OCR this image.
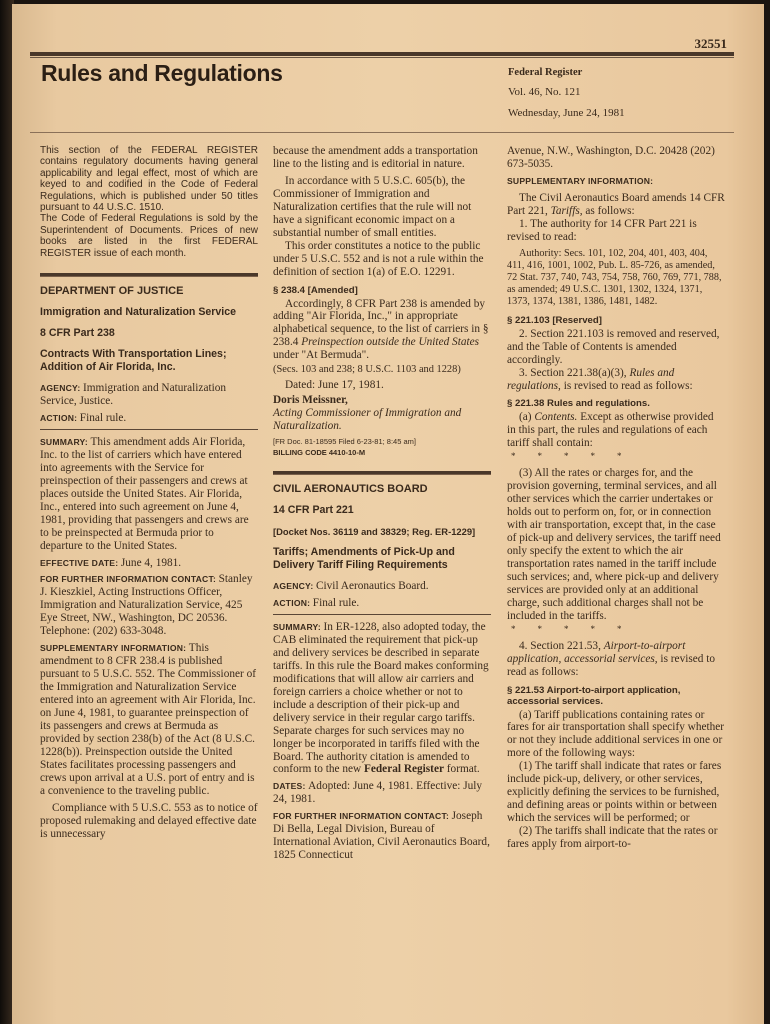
32551
Rules and Regulations	Federal Register
Vol. 46, No. 121
Wednesday, June 24, 1981
This section of the FEDERAL REGISTER contains regulatory documents having general applicability and legal effect, most of which are keyed to and codified in the Code of Federal Regulations, which is published under 50 titles pursuant to 44 U.S.C. 1510.
The Code of Federal Regulations is sold by the Superintendent of Documents. Prices of new books are listed in the first FEDERAL REGISTER issue of each month.
DEPARTMENT OF JUSTICE
Immigration and Naturalization Service
8 CFR Part 238
Contracts With Transportation Lines; Addition of Air Florida, Inc.
AGENCY: Immigration and Naturalization Service, Justice.
ACTION: Final rule.
SUMMARY: This amendment adds Air Florida, Inc. to the list of carriers which have entered into agreements with the Service for preinspection of their passengers and crews at places outside the United States. Air Florida, Inc., entered into such agreement on June 4, 1981, providing that passengers and crews are to be preinspected at Bermuda prior to departure to the United States.
EFFECTIVE DATE: June 4, 1981.
FOR FURTHER INFORMATION CONTACT: Stanley J. Kieszkiel, Acting Instructions Officer, Immigration and Naturalization Service, 425 Eye Street, NW., Washington, DC 20536. Telephone: (202) 633-3048.
SUPPLEMENTARY INFORMATION: This amendment to 8 CFR 238.4 is published pursuant to 5 U.S.C. 552. The Commissioner of the Immigration and Naturalization Service entered into an agreement with Air Florida, Inc. on June 4, 1981, to guarantee preinspection of its passengers and crews at Bermuda as provided by section 238(b) of the Act (8 U.S.C. 1228(b)). Preinspection outside the United States facilitates processing passengers and crews upon arrival at a U.S. port of entry and is a convenience to the traveling public.
Compliance with 5 U.S.C. 553 as to notice of proposed rulemaking and delayed effective date is unnecessary
because the amendment adds a transportation line to the listing and is editorial in nature.
In accordance with 5 U.S.C. 605(b), the Commissioner of Immigration and Naturalization certifies that the rule will not have a significant economic impact on a substantial number of small entities.
This order constitutes a notice to the public under 5 U.S.C. 552 and is not a rule within the definition of section 1(a) of E.O. 12291.
§ 238.4 [Amended]
Accordingly, 8 CFR Part 238 is amended by adding "Air Florida, Inc.," in appropriate alphabetical sequence, to the list of carriers in § 238.4 Preinspection outside the United States under "At Bermuda".
(Secs. 103 and 238; 8 U.S.C. 1103 and 1228)
Dated: June 17, 1981.
Doris Meissner,
Acting Commissioner of Immigration and Naturalization.
[FR Doc. 81-18595 Filed 6-23-81; 8:45 am]
BILLING CODE 4410-10-M
CIVIL AERONAUTICS BOARD
14 CFR Part 221
[Docket Nos. 36119 and 38329; Reg. ER-1229]
Tariffs; Amendments of Pick-Up and Delivery Tariff Filing Requirements
AGENCY: Civil Aeronautics Board.
ACTION: Final rule.
SUMMARY: In ER-1228, also adopted today, the CAB eliminated the requirement that pick-up and delivery services be described in separate tariffs. In this rule the Board makes conforming modifications that will allow air carriers and foreign carriers a choice whether or not to include a description of their pick-up and delivery service in their regular cargo tariffs. Separate charges for such services may no longer be incorporated in tariffs filed with the Board. The authority citation is amended to conform to the new Federal Register format.
DATES: Adopted: June 4, 1981. Effective: July 24, 1981.
FOR FURTHER INFORMATION CONTACT: Joseph Di Bella, Legal Division, Bureau of International Aviation, Civil Aeronautics Board, 1825 Connecticut
Avenue, N.W., Washington, D.C. 20428 (202) 673-5035.
SUPPLEMENTARY INFORMATION:
The Civil Aeronautics Board amends 14 CFR Part 221, Tariffs, as follows:
1. The authority for 14 CFR Part 221 is revised to read:
Authority: Secs. 101, 102, 204, 401, 403, 404, 411, 416, 1001, 1002, Pub. L. 85-726, as amended, 72 Stat. 737, 740, 743, 754, 758, 760, 769, 771, 788, as amended; 49 U.S.C. 1301, 1302, 1324, 1371, 1373, 1374, 1381, 1386, 1481, 1482.
§ 221.103 [Reserved]
2. Section 221.103 is removed and reserved, and the Table of Contents is amended accordingly.
3. Section 221.38(a)(3), Rules and regulations, is revised to read as follows:
§ 221.38 Rules and regulations.
(a) Contents. Except as otherwise provided in this part, the rules and regulations of each tariff shall contain:
*****
(3) All the rates or charges for, and the provision governing, terminal services, and all other services which the carrier undertakes or holds out to perform on, for, or in connection with air transportation, except that, in the case of pick-up and delivery services, the tariff need only specify the extent to which the air transportation rates named in the tariff include such services; and, where pick-up and delivery services are provided only at an additional charge, such additional charges shall not be included in the tariffs.
*****
4. Section 221.53, Airport-to-airport application, accessorial services, is revised to read as follows:
§ 221.53 Airport-to-airport application, accessorial services.
(a) Tariff publications containing rates or fares for air transportation shall specify whether or not they include additional services in one or more of the following ways:
(1) The tariff shall indicate that rates or fares include pick-up, delivery, or other services, explicitly defining the services to be furnished, and defining areas or points within or between which the services will be performed; or
(2) The tariffs shall indicate that the rates or fares apply from airport-to-
